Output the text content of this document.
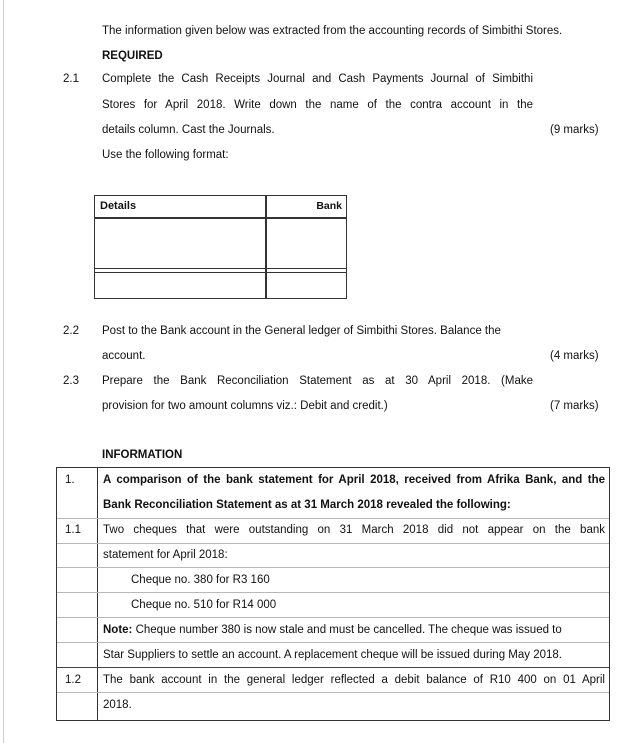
The information given below was extracted from the accounting records of Simbithi Stores.
REQUIRED
2.1 Complete the Cash Receipts Journal and Cash Payments Journal of Simbithi
Stores for April 2018. Write down the name of the contra account in the
details column. Cast the Journals.	(9 marks)
Use the following format:
Details	Bank
2.2 Post to the Bank account in the General ledger of Simbithi Stores. Balance the
account.	(4 marks)
2.3 Prepare the Bank Reconciliation Statement as at 30 April 2018. (Make
provision for two amount columns viz.: Debit and credit.)	(7 marks)
INFORMATION
1. A comparison of the bank statement for April 2018, received from Afrika Bank, and the
Bank Reconciliation Statement as at 31 March 2018 revealed the following:
1.1 Two cheques that were outstanding on 31 March 2018 did not appear on the bank
statement for April 2018:
Cheque no. 380 for R3 160
Cheque no. 510 for R14 000
Note: Cheque number 380 is now stale and must be cancelled. The cheque was issued to
Star Suppliers to settle an account. A replacement cheque will be issued during May 2018.
1.2 The bank account in the general ledger reflected a debit balance of R10 400 on 01 April
2018.
